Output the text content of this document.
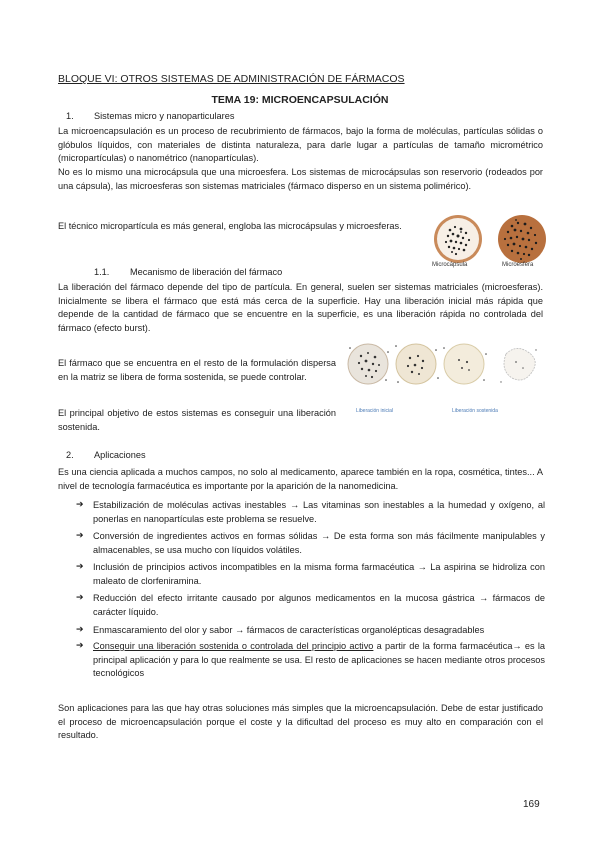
BLOQUE VI: OTROS SISTEMAS DE ADMINISTRACIÓN DE FÁRMACOS

TEMA 19: MICROENCAPSULACIÓN

1. Sistemas micro y nanoparticulares

La microencapsulación es un proceso de recubrimiento de fármacos, bajo la forma de moléculas, partículas sólidas o glóbulos líquidos, con materiales de distinta naturaleza, para darle lugar a partículas de tamaño micrométrico (micropartículas) o nanométrico (nanopartículas).

No es lo mismo una microcápsula que una microesfera. Los sistemas de microcápsulas son reservorio (rodeados por una cápsula), las microesferas son sistemas matriciales (fármaco disperso en un sistema polimérico).

El técnico micropartícula es más general, engloba las microcápsulas y microesferas.

Microcápsula	Microesfera
1.1. Mecanismo de liberación del fármaco

La liberación del fármaco depende del tipo de partícula. En general, suelen ser sistemas matriciales (microesferas). Inicialmente se libera el fármaco que está más cerca de la superficie. Hay una liberación inicial más rápida que depende de la cantidad de fármaco que se encuentre en la superficie, es una liberación rápida no controlada del fármaco (efecto burst).

El fármaco que se encuentra en el resto de la formulación dispersa en la matriz se libera de forma sostenida, se puede controlar.

El principal objetivo de estos sistemas es conseguir una liberación sostenida.

Liberación inicial	Liberación sostenida
2. Aplicaciones

Es una ciencia aplicada a muchos campos, no solo al medicamento, aparece también en la ropa, cosmética, tintes... A nivel de tecnología farmacéutica es importante por la aparición de la nanomedicina.

➔ Estabilización de moléculas activas inestables → Las vitaminas son inestables a la humedad y oxígeno, al ponerlas en nanopartículas este problema se resuelve.

➔ Conversión de ingredientes activos en formas sólidas → De esta forma son más fácilmente manipulables y almacenables, se usa mucho con líquidos volátiles.

➔ Inclusión de principios activos incompatibles en la misma forma farmacéutica → La aspirina se hidroliza con maleato de clorfeniramina.

➔ Reducción del efecto irritante causado por algunos medicamentos en la mucosa gástrica → fármacos de carácter líquido.

➔ Enmascaramiento del olor y sabor → fármacos de características organolépticas desagradables

➔ Conseguir una liberación sostenida o controlada del principio activo a partir de la forma farmacéutica→ es la principal aplicación y para lo que realmente se usa. El resto de aplicaciones se hacen mediante otros procesos tecnológicos

Son aplicaciones para las que hay otras soluciones más simples que la microencapsulación. Debe de estar justificado el proceso de microencapsulación porque el coste y la dificultad del proceso es muy alto en comparación con el resultado.

169
